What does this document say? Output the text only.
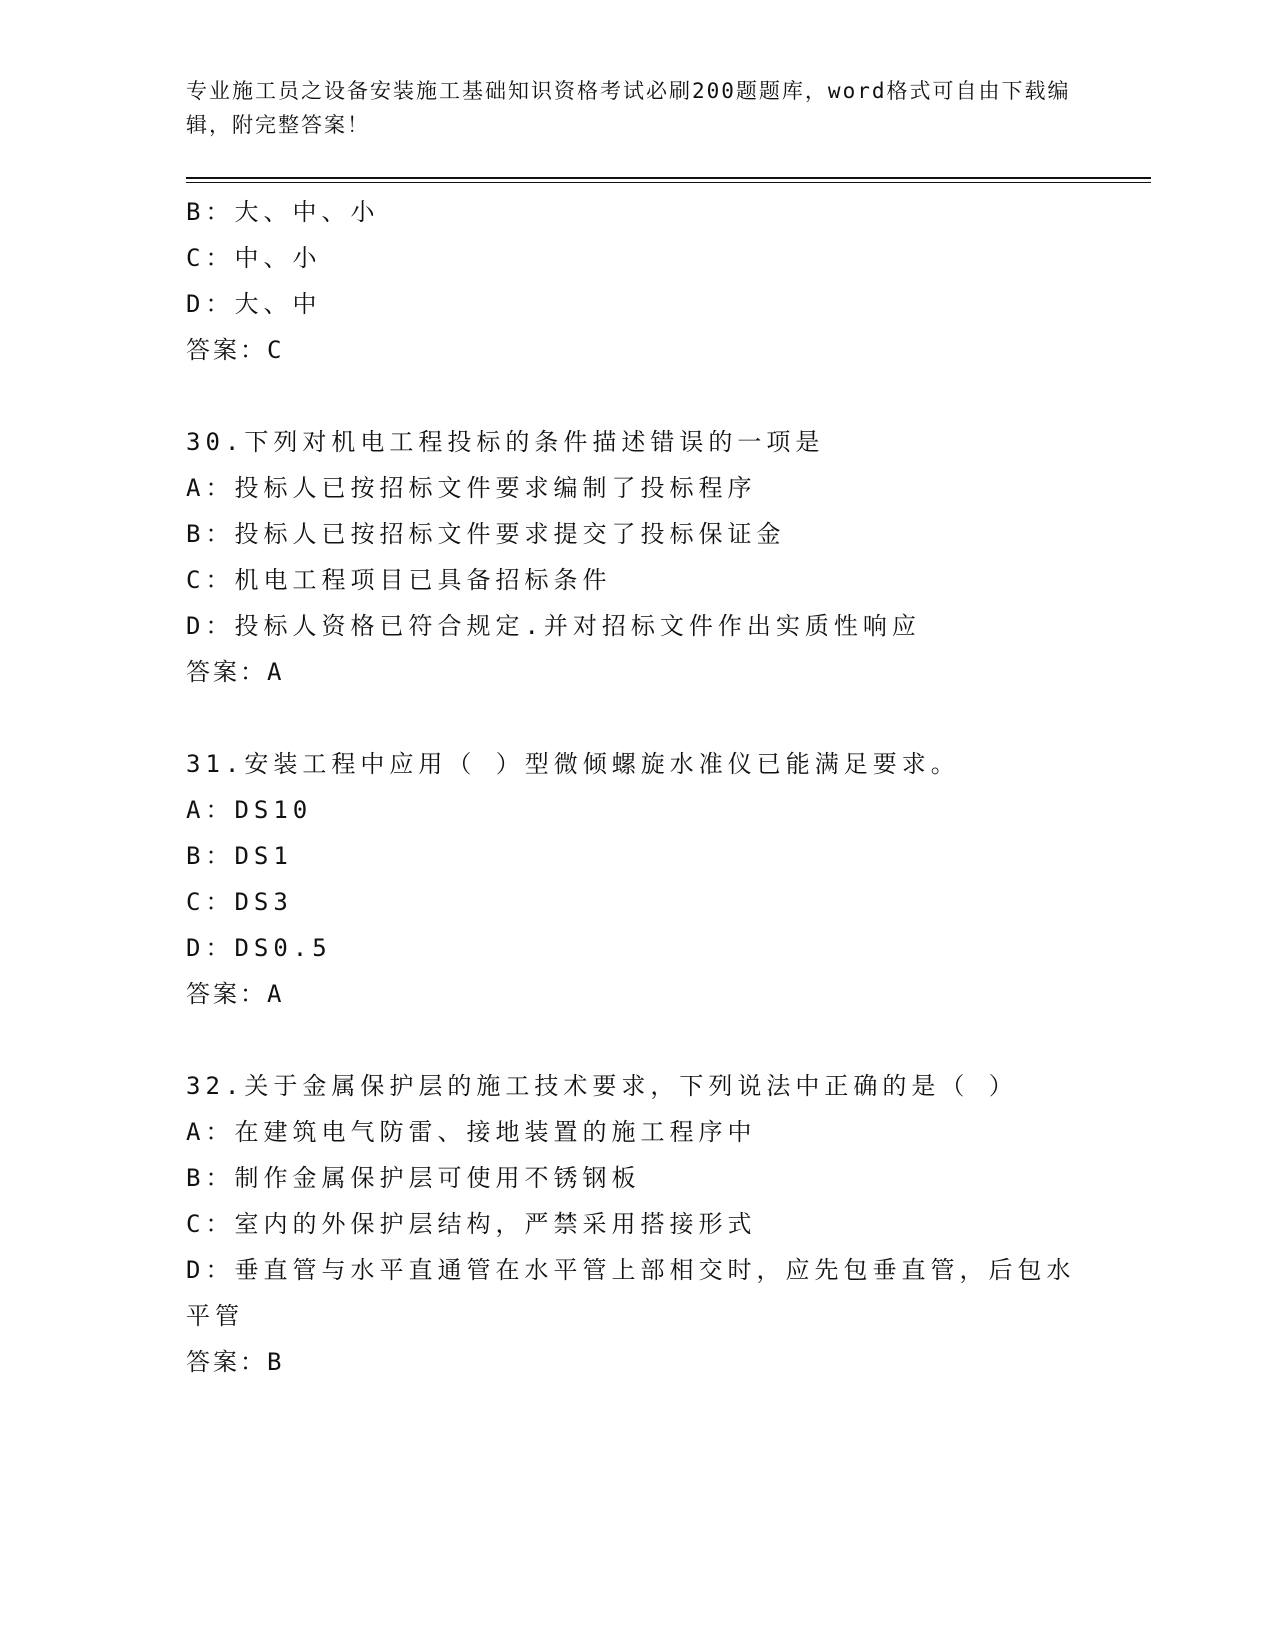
专业施工员之设备安装施工基础知识资格考试必刷200题题库，word格式可自由下载编辑，附完整答案！
B：大、中、小
C：中、小
D：大、中
答案：C
30.下列对机电工程投标的条件描述错误的一项是
A：投标人已按招标文件要求编制了投标程序
B：投标人已按招标文件要求提交了投标保证金
C：机电工程项目已具备招标条件
D：投标人资格已符合规定.并对招标文件作出实质性响应
答案：A
31.安装工程中应用（ ）型微倾螺旋水准仪已能满足要求。
A：DS10
B：DS1
C：DS3
D：DS0.5
答案：A
32.关于金属保护层的施工技术要求，下列说法中正确的是（ ）
A：在建筑电气防雷、接地装置的施工程序中
B：制作金属保护层可使用不锈钢板
C：室内的外保护层结构，严禁采用搭接形式
D：垂直管与水平直通管在水平管上部相交时，应先包垂直管，后包水平管
答案：B
